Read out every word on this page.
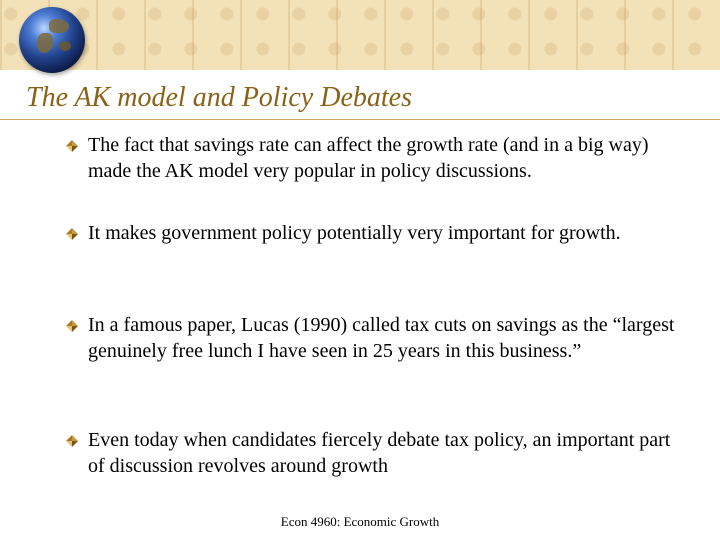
The AK model and Policy Debates
The fact that savings rate can affect the growth rate (and in a big way) made the AK model very popular in policy discussions.
It makes government policy potentially very important for growth.
In a famous paper, Lucas (1990) called tax cuts on savings as the “largest genuinely free lunch I have seen in 25 years in this business.”
Even today when candidates fiercely debate tax policy, an important part of discussion revolves around growth
Econ 4960: Economic Growth
